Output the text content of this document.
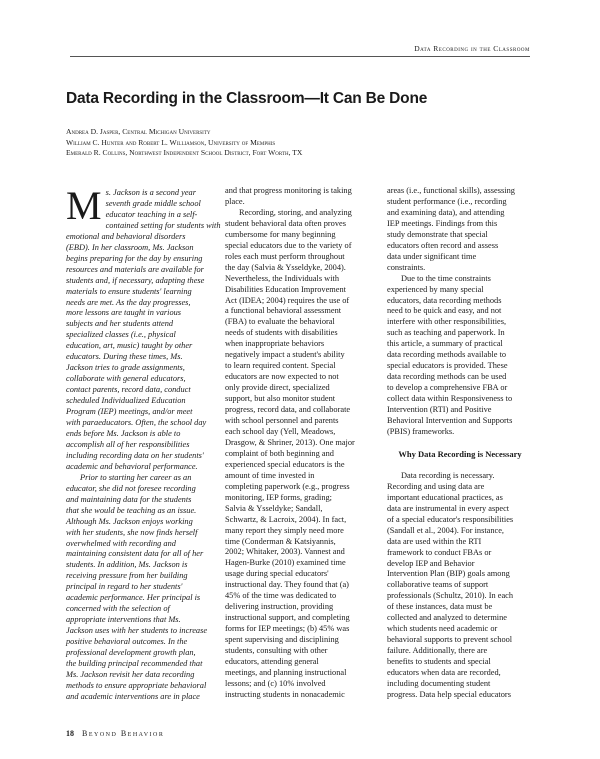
Data Recording in the Classroom
Data Recording in the Classroom—It Can Be Done
Andrea D. Jasper, Central Michigan University
William C. Hunter and Robert L. Williamson, University of Memphis
Emerald R. Collins, Northwest Independent School District, Fort Worth, TX
M s. Jackson is a second year
seventh grade middle school
educator teaching in a self-
contained setting for students with
emotional and behavioral disorders
(EBD). In her classroom, Ms. Jackson
begins preparing for the day by ensuring
resources and materials are available for
students and, if necessary, adapting these
materials to ensure students' learning
needs are met. As the day progresses,
more lessons are taught in various
subjects and her students attend
specialized classes (i.e., physical
education, art, music) taught by other
educators. During these times, Ms.
Jackson tries to grade assignments,
collaborate with general educators,
contact parents, record data, conduct
scheduled Individualized Education
Program (IEP) meetings, and/or meet
with paraeducators. Often, the school day
ends before Ms. Jackson is able to
accomplish all of her responsibilities
including recording data on her students'
academic and behavioral performance.

Prior to starting her career as an
educator, she did not foresee recording
and maintaining data for the students
that she would be teaching as an issue.
Although Ms. Jackson enjoys working
with her students, she now finds herself
overwhelmed with recording and
maintaining consistent data for all of her
students. In addition, Ms. Jackson is
receiving pressure from her building
principal in regard to her students'
academic performance. Her principal is
concerned with the selection of
appropriate interventions that Ms.
Jackson uses with her students to increase
positive behavioral outcomes. In the
professional development growth plan,
the building principal recommended that
Ms. Jackson revisit her data recording
methods to ensure appropriate behavioral
and academic interventions are in place

and that progress monitoring is taking
place.

Recording, storing, and analyzing
student behavioral data often proves
cumbersome for many beginning
special educators due to the variety of
roles each must perform throughout
the day (Salvia & Ysseldyke, 2004).
Nevertheless, the Individuals with
Disabilities Education Improvement
Act (IDEA; 2004) requires the use of
a functional behavioral assessment
(FBA) to evaluate the behavioral
needs of students with disabilities
when inappropriate behaviors
negatively impact a student's ability
to learn required content. Special
educators are now expected to not
only provide direct, specialized
support, but also monitor student
progress, record data, and collaborate
with school personnel and parents
each school day (Yell, Meadows,
Drasgow, & Shriner, 2013). One major
complaint of both beginning and
experienced special educators is the
amount of time invested in
completing paperwork (e.g., progress
monitoring, IEP forms, grading;
Salvia & Ysseldyke; Sandall,
Schwartz, & Lacroix, 2004). In fact,
many report they simply need more
time (Conderman & Katsiyannis,
2002; Whitaker, 2003). Vannest and
Hagen-Burke (2010) examined time
usage during special educators'
instructional day. They found that (a)
45% of the time was dedicated to
delivering instruction, providing
instructional support, and completing
forms for IEP meetings; (b) 45% was
spent supervising and disciplining
students, consulting with other
educators, attending general
meetings, and planning instructional
lessons; and (c) 10% involved
instructing students in nonacademic

areas (i.e., functional skills), assessing
student performance (i.e., recording
and examining data), and attending
IEP meetings. Findings from this
study demonstrate that special
educators often record and assess
data under significant time
constraints.

Due to the time constraints
experienced by many special
educators, data recording methods
need to be quick and easy, and not
interfere with other responsibilities,
such as teaching and paperwork. In
this article, a summary of practical
data recording methods available to
special educators is provided. These
data recording methods can be used
to develop a comprehensive FBA or
collect data within Responsiveness to
Intervention (RTI) and Positive
Behavioral Intervention and Supports
(PBIS) frameworks.

Why Data Recording is Necessary

Data recording is necessary.
Recording and using data are
important educational practices, as
data are instrumental in every aspect
of a special educator's responsibilities
(Sandall et al., 2004). For instance,
data are used within the RTI
framework to conduct FBAs or
develop IEP and Behavior
Intervention Plan (BIP) goals among
collaborative teams of support
professionals (Schultz, 2010). In each
of these instances, data must be
collected and analyzed to determine
which students need academic or
behavioral supports to prevent school
failure. Additionally, there are
benefits to students and special
educators when data are recorded,
including documenting student
progress. Data help special educators

18 Beyond Behavior
